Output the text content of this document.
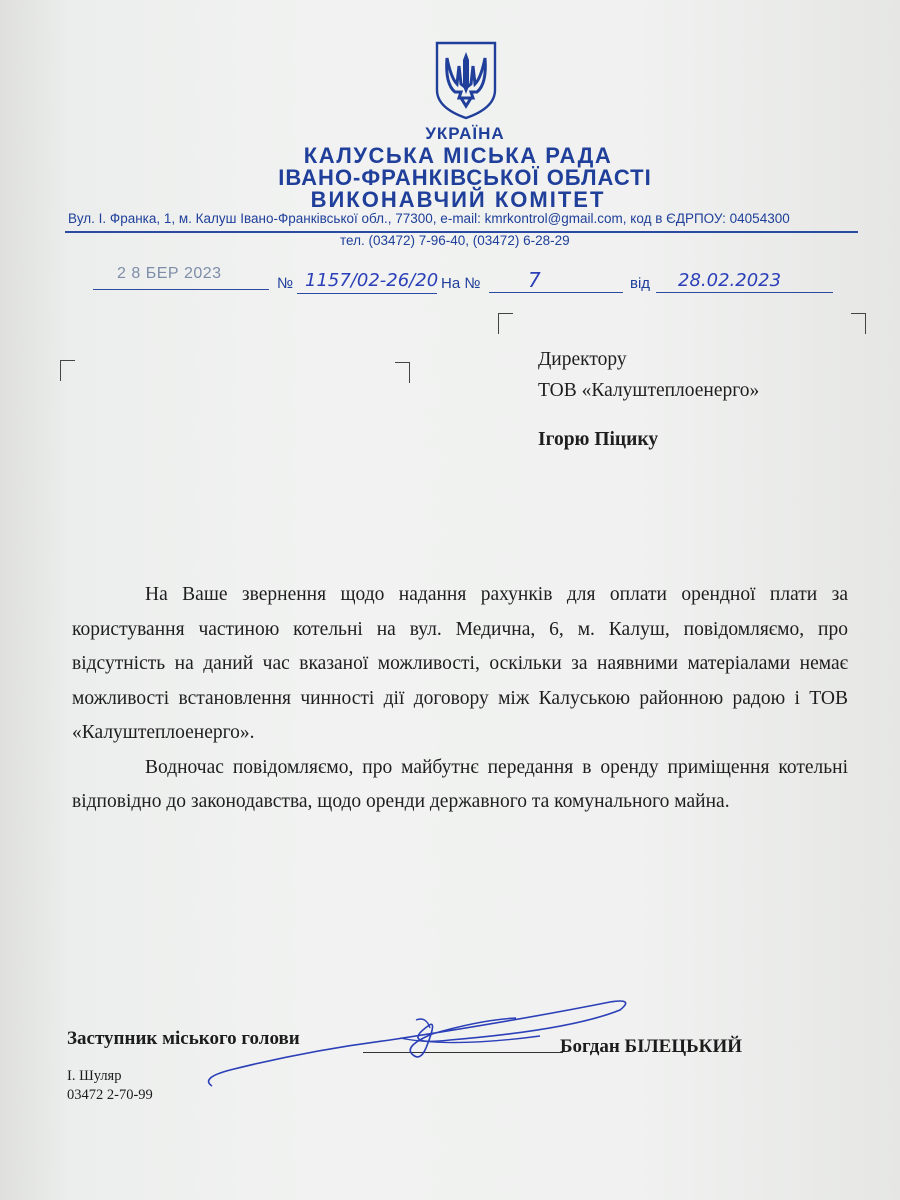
УКРАЇНА
КАЛУСЬКА МІСЬКА РАДА
ІВАНО-ФРАНКІВСЬКОЇ ОБЛАСТІ
ВИКОНАВЧИЙ КОМІТЕТ
Вул. І. Франка, 1, м. Калуш Івано-Франківської обл., 77300, e-mail: kmrkontrol@gmail.com, код в ЄДРПОУ: 04054300
тел. (03472) 7-96-40, (03472) 6-28-29
2 8 БЕР 2023
№ 1157/02-26/20 На № 7	від 28.02.2023
Директору
ТОВ «Калуштеплоенерго»
Ігорю Піцику

На Ваше звернення щодо надання рахунків для оплати орендної плати за користування частиною котельні на вул. Медична, 6, м. Калуш, повідомляємо, про відсутність на даний час вказаної можливості, оскільки за наявними матеріалами немає можливості встановлення чинності дії договору між Калуською районною радою і ТОВ «Калуштеплоенерго».

Водночас повідомляємо, про майбутнє передання в оренду приміщення котельні відповідно до законодавства, щодо оренди державного та комунального майна.

Заступник міського голови	Богдан БІЛЕЦЬКИЙ
І. Шуляр
03472 2-70-99
